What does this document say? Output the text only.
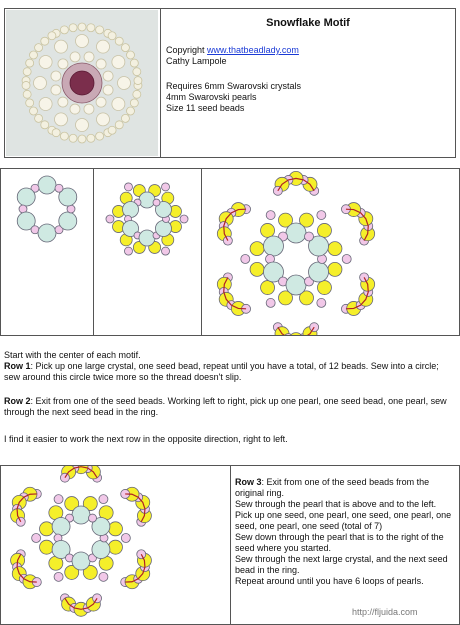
Snowflake Motif
Copyright www.thatbeadlady.com
Cathy Lampole
Requires 6mm Swarovski crystals
4mm Swarovski pearls
Size 11 seed beads
Start with the center of each motif.
Row 1: Pick up one large crystal, one seed bead, repeat until you have a total, of 12 beads. Sew into a circle; sew around this circle twice more so the thread doesn't slip.
Row 2: Exit from one of the seed beads. Working left to right, pick up one pearl, one seed bead, one pearl, sew through the next seed bead in the ring.
I find it easier to work the next row in the opposite direction, right to left.
Row 3: Exit from one of the seed beads from the original ring.
Sew through the pearl that is above and to the left.
Pick up one seed, one pearl, one seed, one pearl, one seed, one pearl, one seed (total of 7)
Sew down through the pearl that is to the right of the seed where you started.
Sew through the next large crystal, and the next seed bead in the ring.
Repeat around until you have 6 loops of pearls.
http://fljuida.com
